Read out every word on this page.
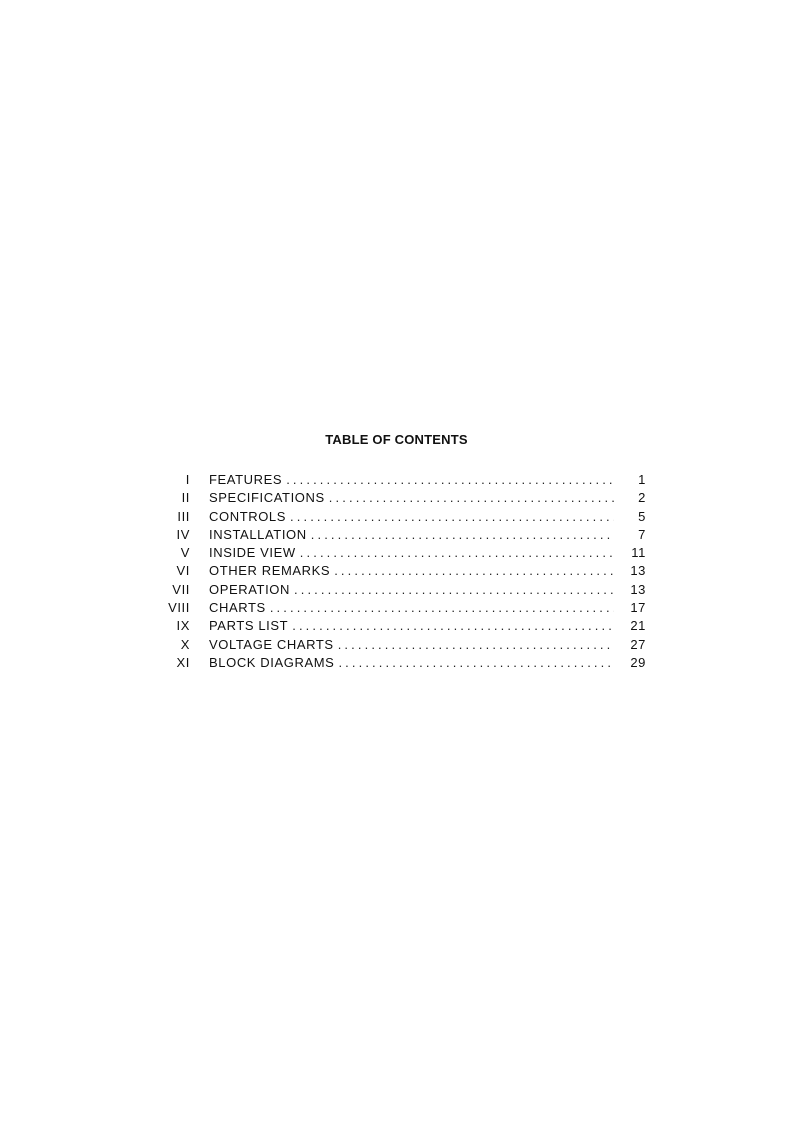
TABLE OF CONTENTS
I	FEATURES . . .	1
II	SPECIFICATIONS . . .	2
III	CONTROLS . . .	5
IV	INSTALLATION . . .	7
V	INSIDE VIEW . . .	11
VI	OTHER REMARKS . . .	13
VII	OPERATION . . .	13
VIII	CHARTS . . .	17
IX	PARTS LIST . . .	21
X	VOLTAGE CHARTS . . .	27
XI	BLOCK DIAGRAMS . . .	29
